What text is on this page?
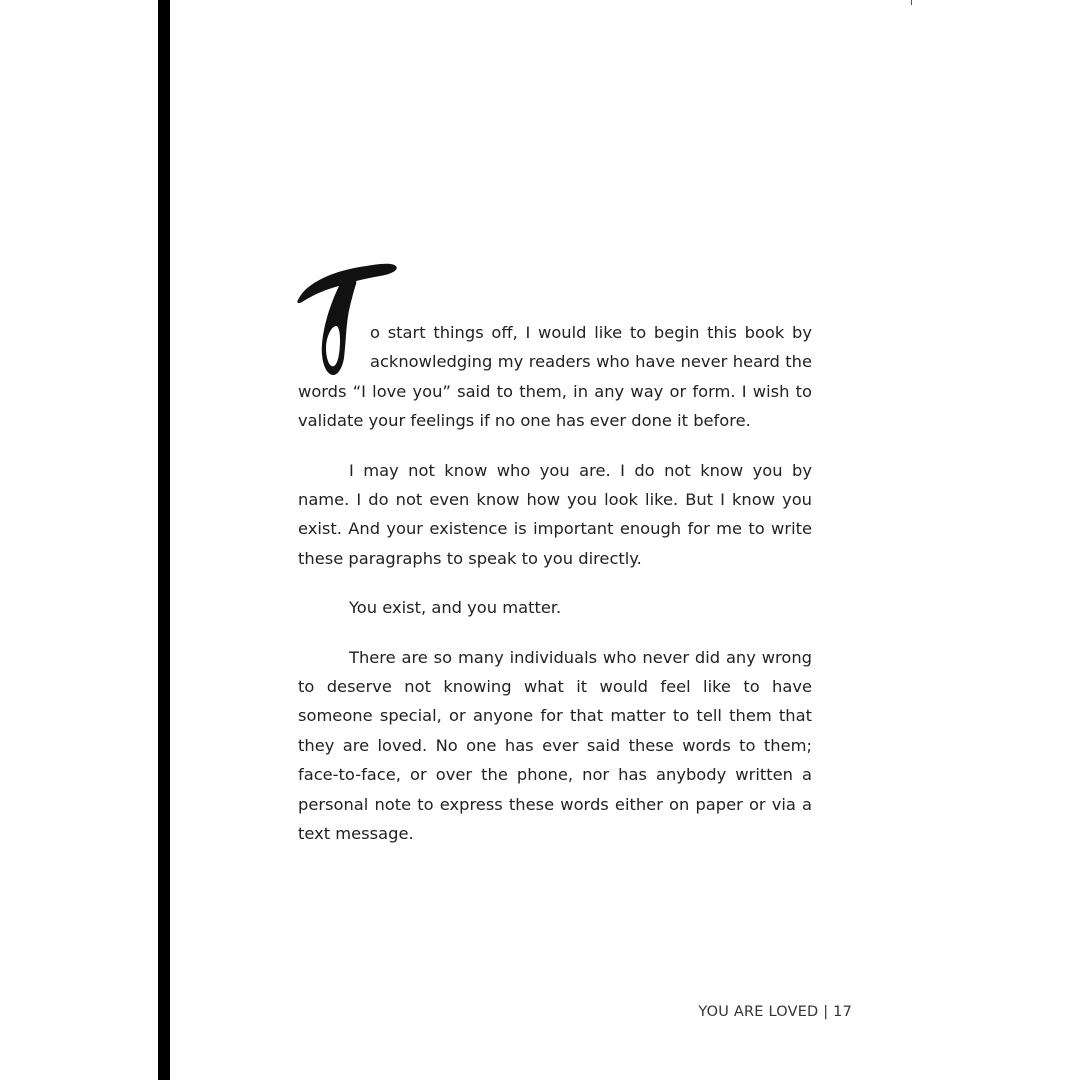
o start things off, I would like to begin this book by acknowledging my readers who have never heard the words “I love you” said to them, in any way or form. I wish to validate your feelings if no one has ever done it before.

I may not know who you are. I do not know you by name. I do not even know how you look like. But I know you exist. And your existence is important enough for me to write these paragraphs to speak to you directly.

You exist, and you matter.

There are so many individuals who never did any wrong to deserve not knowing what it would feel like to have someone special, or anyone for that matter to tell them that they are loved. No one has ever said these words to them; face-to-face, or over the phone, nor has anybody written a personal note to express these words either on paper or via a text message.

YOU ARE LOVED | 17
